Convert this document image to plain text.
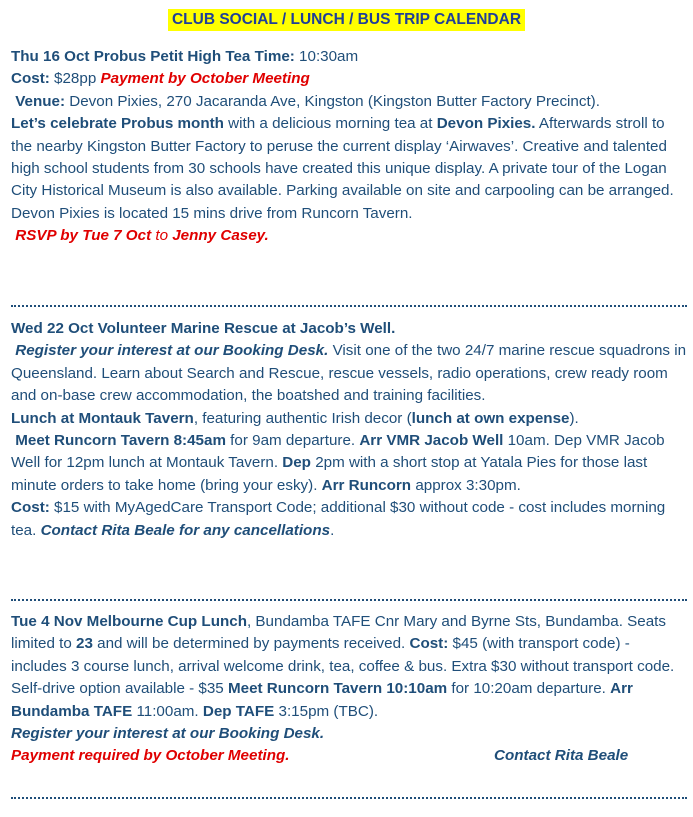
CLUB SOCIAL / LUNCH / BUS TRIP CALENDAR

Thu 16 Oct Probus Petit High Tea Time: 10:30am

Cost: $28pp Payment by October Meeting

Venue: Devon Pixies, 270 Jacaranda Ave, Kingston (Kingston Butter Factory Precinct).

Let’s celebrate Probus month with a delicious morning tea at Devon Pixies. Afterwards stroll to the nearby Kingston Butter Factory to peruse the current display ‘Airwaves’. Creative and talented high school students from 30 schools have created this unique display. A private tour of the Logan City Historical Museum is also available. Parking available on site and carpooling can be arranged. Devon Pixies is located 15 mins drive from Runcorn Tavern.

RSVP by Tue 7 Oct to Jenny Casey.

Wed 22 Oct Volunteer Marine Rescue at Jacob’s Well.

Register your interest at our Booking Desk. Visit one of the two 24/7 marine rescue squadrons in Queensland. Learn about Search and Rescue, rescue vessels, radio operations, crew ready room and on-base crew accommodation, the boatshed and training facilities.

Lunch at Montauk Tavern, featuring authentic Irish decor (lunch at own expense).

Meet Runcorn Tavern 8:45am for 9am departure. Arr VMR Jacob Well 10am. Dep VMR Jacob Well for 12pm lunch at Montauk Tavern. Dep 2pm with a short stop at Yatala Pies for those last minute orders to take home (bring your esky). Arr Runcorn approx 3:30pm.

Cost: $15 with MyAgedCare Transport Code; additional $30 without code - cost includes morning tea. Contact Rita Beale for any cancellations.

Tue 4 Nov Melbourne Cup Lunch, Bundamba TAFE Cnr Mary and Byrne Sts, Bundamba. Seats limited to 23 and will be determined by payments received. Cost: $45 (with transport code) - includes 3 course lunch, arrival welcome drink, tea, coffee & bus. Extra $30 without transport code. Self-drive option available - $35 Meet Runcorn Tavern 10:10am for 10:20am departure. Arr Bundamba TAFE 11:00am. Dep TAFE 3:15pm (TBC).

Register your interest at our Booking Desk.

Payment required by October Meeting.	Contact Rita Beale
